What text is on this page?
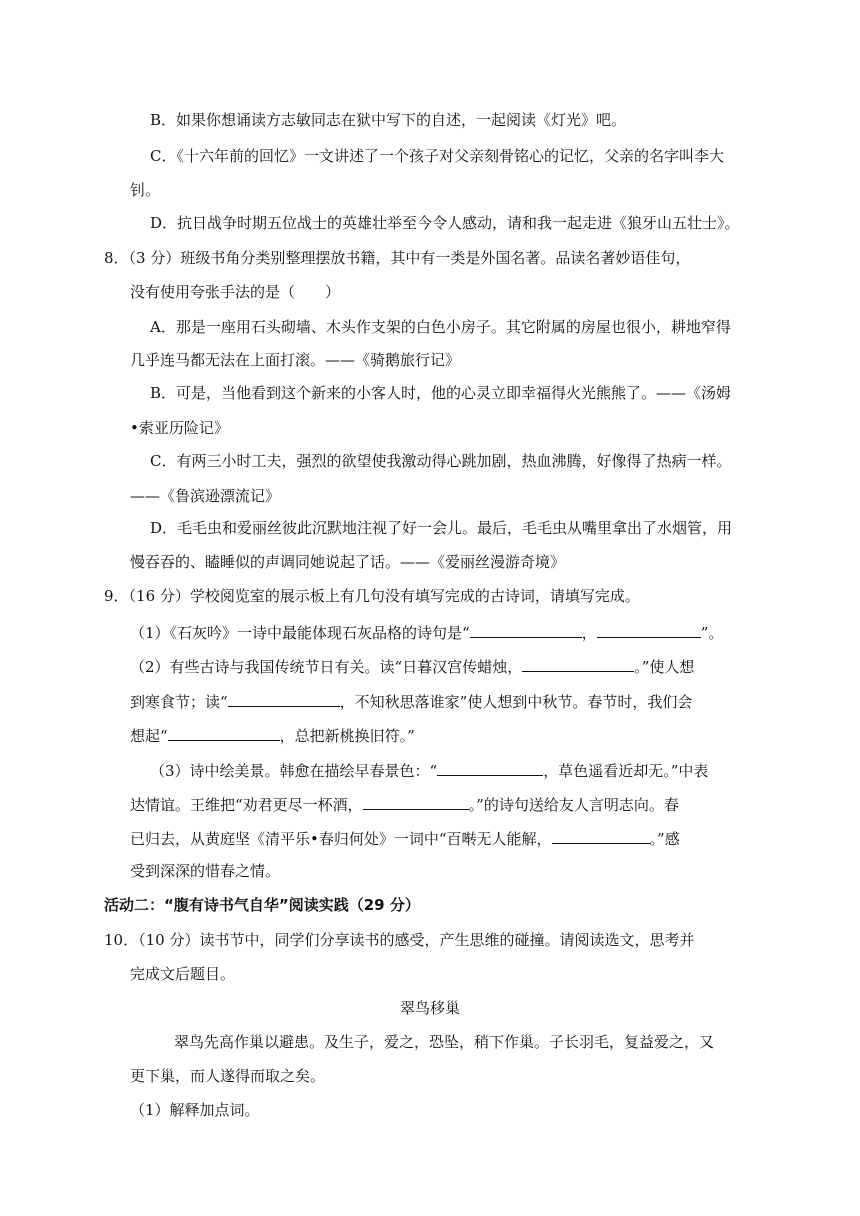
B．如果你想诵读方志敏同志在狱中写下的自述，一起阅读《灯光》吧。
C．《十六年前的回忆》一文讲述了一个孩子对父亲刻骨铭心的记忆，父亲的名字叫李大
钊。
D．抗日战争时期五位战士的英雄壮举至今令人感动，请和我一起走进《狼牙山五壮士》。
8．（3 分）班级书角分类别整理摆放书籍，其中有一类是外国名著。品读名著妙语佳句，
没有使用夸张手法的是（　　）
A．那是一座用石头砌墙、木头作支架的白色小房子。其它附属的房屋也很小，耕地窄得
几乎连马都无法在上面打滚。——《骑鹅旅行记》
B．可是，当他看到这个新来的小客人时，他的心灵立即幸福得火光熊熊了。——《汤姆
•索亚历险记》
C．有两三小时工夫，强烈的欲望使我激动得心跳加剧，热血沸腾，好像得了热病一样。
——《鲁滨逊漂流记》
D．毛毛虫和爱丽丝彼此沉默地注视了好一会儿。最后，毛毛虫从嘴里拿出了水烟管，用
慢吞吞的、瞌睡似的声调同她说起了话。——《爱丽丝漫游奇境》
9．（16 分）学校阅览室的展示板上有几句没有填写完成的古诗词，请填写完成。
（1）《石灰吟》一诗中最能体现石灰品格的诗句是“	，	”。
（2）有些古诗与我国传统节日有关。读“日暮汉宫传蜡烛，	。”使人想
到寒食节；读“	，不知秋思落谁家”使人想到中秋节。春节时，我们会
想起“	，总把新桃换旧符。”
（3）诗中绘美景。韩愈在描绘早春景色：“	，草色遥看近却无。”中表
达情谊。王维把“劝君更尽一杯酒，	。”的诗句送给友人言明志向。春
已归去，从黄庭坚《清平乐•春归何处》一词中“百啭无人能解，	。”感
受到深深的惜春之情。
活动二：“腹有诗书气自华”阅读实践（29 分）
10．（10 分）读书节中，同学们分享读书的感受，产生思维的碰撞。请阅读选文，思考并
完成文后题目。
翠鸟移巢
翠鸟先高作巢以避患。及生子，爱之，恐坠，稍下作巢。子长羽毛，复益爱之，又
更下巢，而人遂得而取之矣。
（1）解释加点词。
